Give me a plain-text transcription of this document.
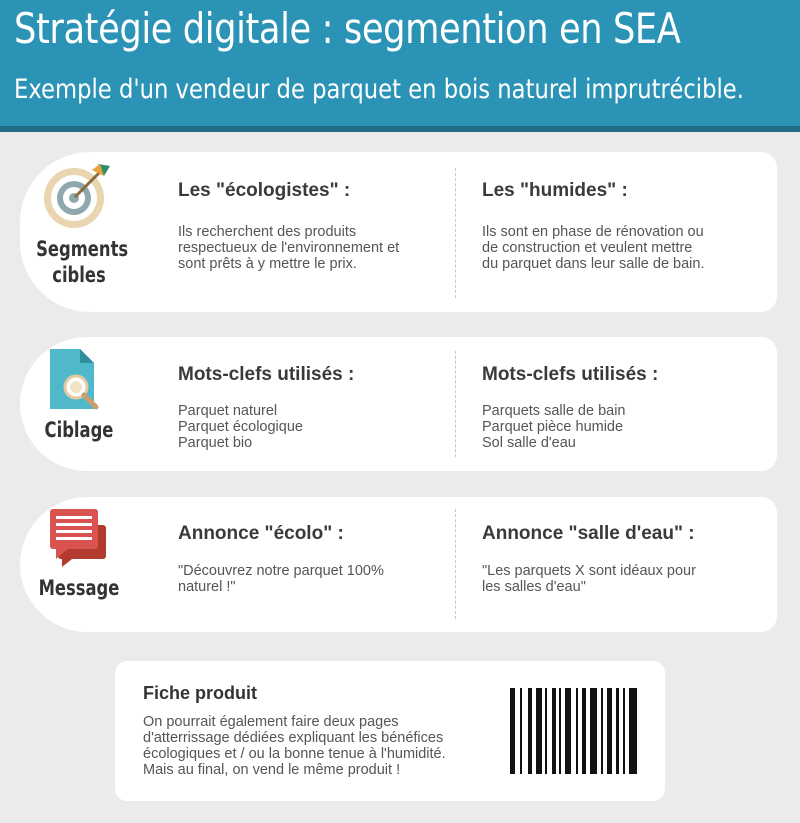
Stratégie digitale : segmention en SEA
Exemple d'un vendeur de parquet en bois naturel imprutrécible.
Segments
cibles

Les "écologistes" :

Ils recherchent des produits

respectueux de l'environnement et

sont prêts à y mettre le prix.

Les "humides" :

Ils sont en phase de rénovation ou

de construction et veulent mettre

du parquet dans leur salle de bain.

Ciblage

Mots-clefs utilisés :

Parquet naturel

Parquet écologique

Parquet bio

Mots-clefs utilisés :

Parquets salle de bain

Parquet pièce humide

Sol salle d'eau

Message

Annonce "écolo" :

"Découvrez notre parquet 100%

naturel !"

Annonce "salle d'eau" :

"Les parquets X sont idéaux pour

les salles d'eau"

Fiche produit

On pourrait également faire deux pages

d'atterrissage dédiées expliquant les bénéfices

écologiques et / ou la bonne tenue à l'humidité.

Mais au final, on vend le même produit !
